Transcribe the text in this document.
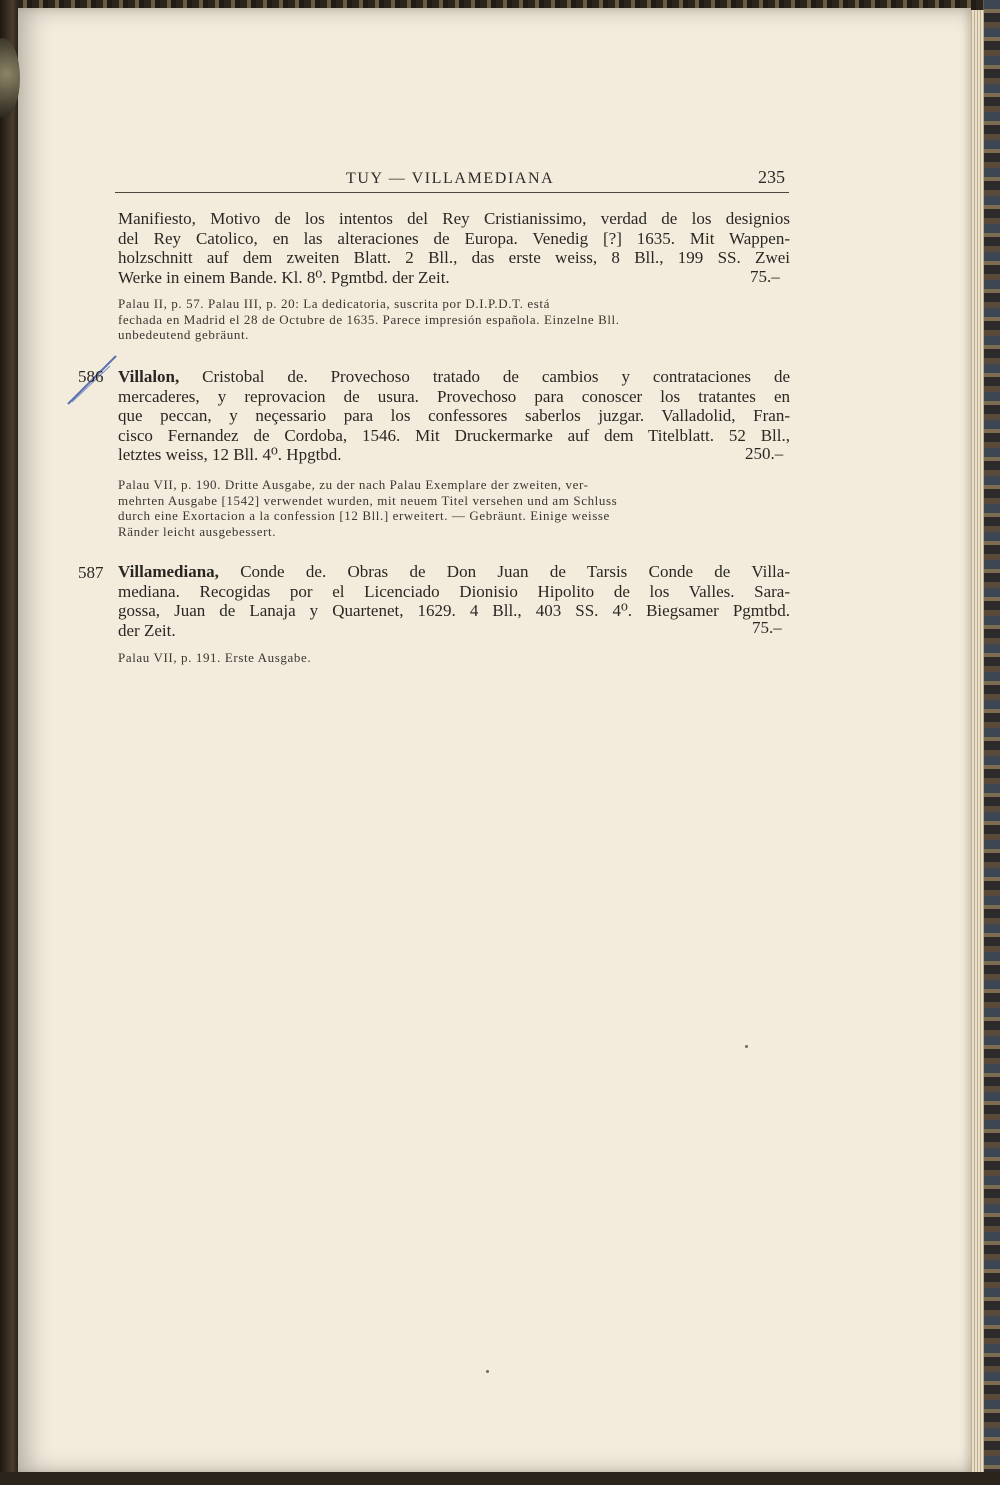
TUY — VILLAMEDIANA	235
Manifiesto, Motivo de los intentos del Rey Cristianissimo, verdad de los designios
del Rey Catolico, en las alteraciones de Europa. Venedig [?] 1635. Mit Wappen-
holzschnitt auf dem zweiten Blatt. 2 Bll., das erste weiss, 8 Bll., 199 SS. Zwei
Werke in einem Bande. Kl. 8⁰. Pgmtbd. der Zeit.	75.–
Palau II, p. 57. Palau III, p. 20: La dedicatoria, suscrita por D.I.P.D.T. está
fechada en Madrid el 28 de Octubre de 1635. Parece impresión española. Einzelne Bll.
unbedeutend gebräunt.
586 Villalon, Cristobal de. Provechoso tratado de cambios y contrataciones de
mercaderes, y reprovacion de usura. Provechoso para conoscer los tratantes en
que peccan, y neçessario para los confessores saberlos juzgar. Valladolid, Fran-
cisco Fernandez de Cordoba, 1546. Mit Druckermarke auf dem Titelblatt. 52 Bll.,
letztes weiss, 12 Bll. 4⁰. Hpgtbd.	250.–
Palau VII, p. 190. Dritte Ausgabe, zu der nach Palau Exemplare der zweiten, ver-
mehrten Ausgabe [1542] verwendet wurden, mit neuem Titel versehen und am Schluss
durch eine Exortacion a la confession [12 Bll.] erweitert. — Gebräunt. Einige weisse
Ränder leicht ausgebessert.
587 Villamediana, Conde de. Obras de Don Juan de Tarsis Conde de Villa-
mediana. Recogidas por el Licenciado Dionisio Hipolito de los Valles. Sara-
gossa, Juan de Lanaja y Quartenet, 1629. 4 Bll., 403 SS. 4⁰. Biegsamer Pgmtbd.
der Zeit.	75.–
Palau VII, p. 191. Erste Ausgabe.
